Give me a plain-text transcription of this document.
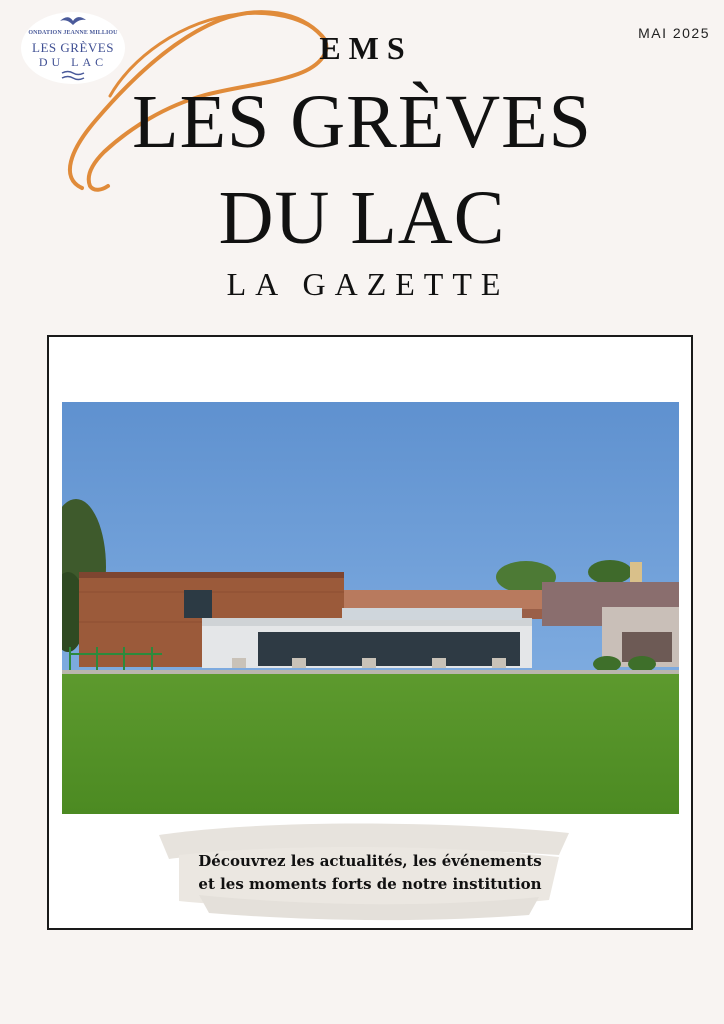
ONDATION JEANNE MILLIOU
LES GRÈVES
DU LAC
MAI 2025
EMS
LES GRÈVES
DU LAC
LA GAZETTE
Découvrez les actualités, les événements
et les moments forts de notre institution
